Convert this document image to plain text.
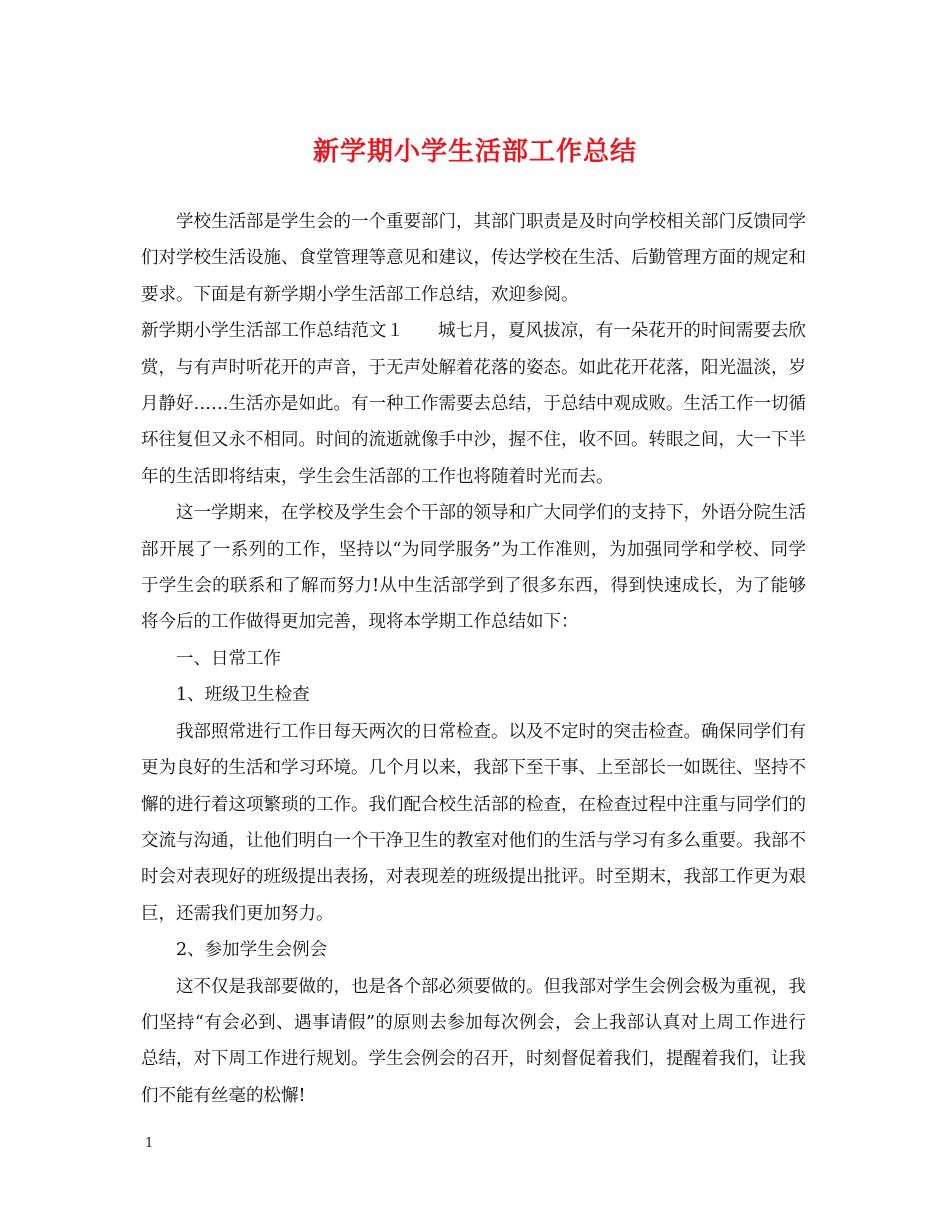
新学期小学生活部工作总结

学校生活部是学生会的一个重要部门，其部门职责是及时向学校相关部门反馈同学们对学校生活设施、食堂管理等意见和建议，传达学校在生活、后勤管理方面的规定和要求。下面是有新学期小学生活部工作总结，欢迎参阅。

新学期小学生活部工作总结范文１ 城七月，夏风拔凉，有一朵花开的时间需要去欣赏，与有声时听花开的声音，于无声处解着花落的姿态。如此花开花落，阳光温淡，岁月静好……生活亦是如此。有一种工作需要去总结，于总结中观成败。生活工作一切循环往复但又永不相同。时间的流逝就像手中沙，握不住，收不回。转眼之间，大一下半年的生活即将结束，学生会生活部的工作也将随着时光而去。

这一学期来，在学校及学生会个干部的领导和广大同学们的支持下，外语分院生活部开展了一系列的工作，坚持以“为同学服务”为工作准则，为加强同学和学校、同学于学生会的联系和了解而努力!从中生活部学到了很多东西，得到快速成长，为了能够将今后的工作做得更加完善，现将本学期工作总结如下：

一、日常工作

1、班级卫生检查

我部照常进行工作日每天两次的日常检查。以及不定时的突击检查。确保同学们有更为良好的生活和学习环境。几个月以来，我部下至干事、上至部长一如既往、坚持不懈的进行着这项繁琐的工作。我们配合校生活部的检查，在检查过程中注重与同学们的交流与沟通，让他们明白一个干净卫生的教室对他们的生活与学习有多么重要。我部不时会对表现好的班级提出表扬，对表现差的班级提出批评。时至期末，我部工作更为艰巨，还需我们更加努力。

2、参加学生会例会

这不仅是我部要做的，也是各个部必须要做的。但我部对学生会例会极为重视，我们坚持“有会必到、遇事请假”的原则去参加每次例会，会上我部认真对上周工作进行总结，对下周工作进行规划。学生会例会的召开，时刻督促着我们，提醒着我们，让我们不能有丝毫的松懈!

1
